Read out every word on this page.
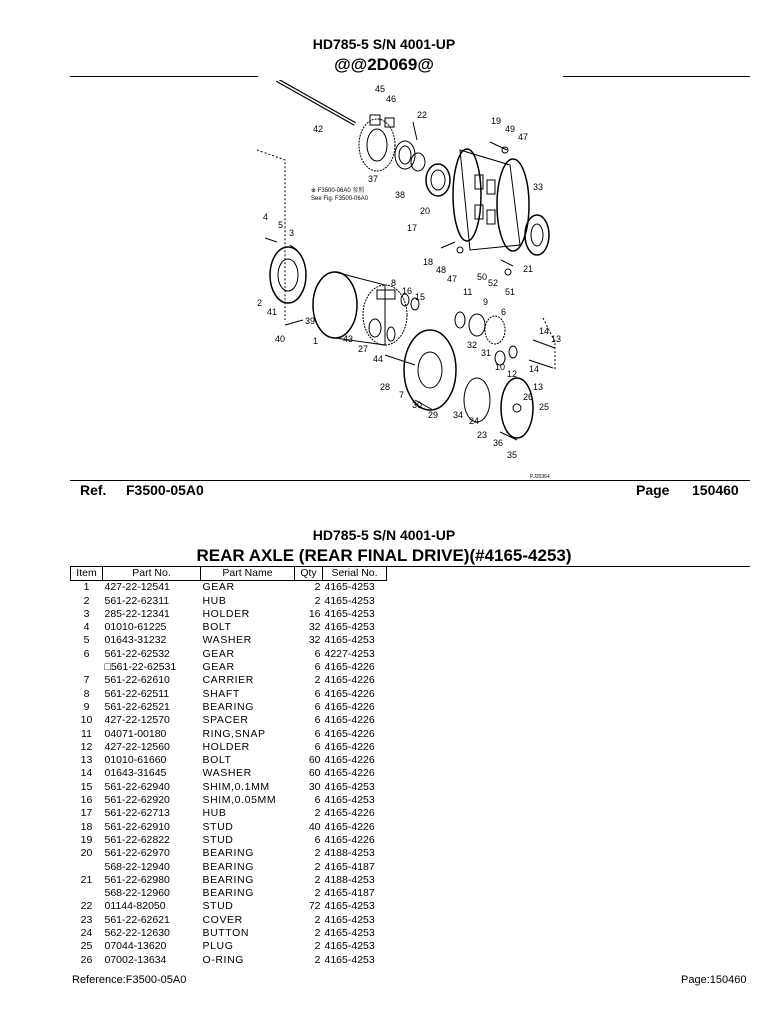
HD785-5 S/N 4001-UP
@@2D069@
※ F3500-06A0 参照
See Fig. F3500-06A0
PJ20364
45
46
22
42
19
49
47
37
38
33
20
17
4
5
3
18
48
47 50
52
21
51
8
16
15	11
9
6
2
41
39
40	1	43
27
44
14
13
32
31
10
12 14
13
28
7
30
29 34
24
26
25
23
36
35
Ref. F3500-05A0	Page 150460
HD785-5 S/N 4001-UP
REAR AXLE (REAR FINAL DRIVE)(#4165-4253)
Item	Part No.	Part Name	Qty	Serial No.
1	427-22-12541	GEAR	2	4165-4253
2	561-22-62311	HUB	2	4165-4253
3	285-22-12341	HOLDER	16	4165-4253
4	01010-61225	BOLT	32	4165-4253
5	01643-31232	WASHER	32	4165-4253
6	561-22-62532	GEAR	6	4227-4253
	□561-22-62531	GEAR	6	4165-4226
7	561-22-62610	CARRIER	2	4165-4226
8	561-22-62511	SHAFT	6	4165-4226
9	561-22-62521	BEARING	6	4165-4226
10	427-22-12570	SPACER	6	4165-4226
11	04071-00180	RING,SNAP	6	4165-4226
12	427-22-12560	HOLDER	6	4165-4226
13	01010-61660	BOLT	60	4165-4226
14	01643-31645	WASHER	60	4165-4226
15	561-22-62940	SHIM,0.1MM	30	4165-4253
16	561-22-62920	SHIM,0.05MM	6	4165-4253
17	561-22-62713	HUB	2	4165-4226
18	561-22-62910	STUD	40	4165-4226
19	561-22-62822	STUD	6	4165-4226
20	561-22-62970	BEARING	2	4188-4253
	568-22-12940	BEARING	2	4165-4187
21	561-22-62980	BEARING	2	4188-4253
	568-22-12960	BEARING	2	4165-4187
22	01144-82050	STUD	72	4165-4253
23	561-22-62621	COVER	2	4165-4253
24	562-22-12630	BUTTON	2	4165-4253
25	07044-13620	PLUG	2	4165-4253
26	07002-13634	O-RING	2	4165-4253
Reference:F3500-05A0	Page:150460
